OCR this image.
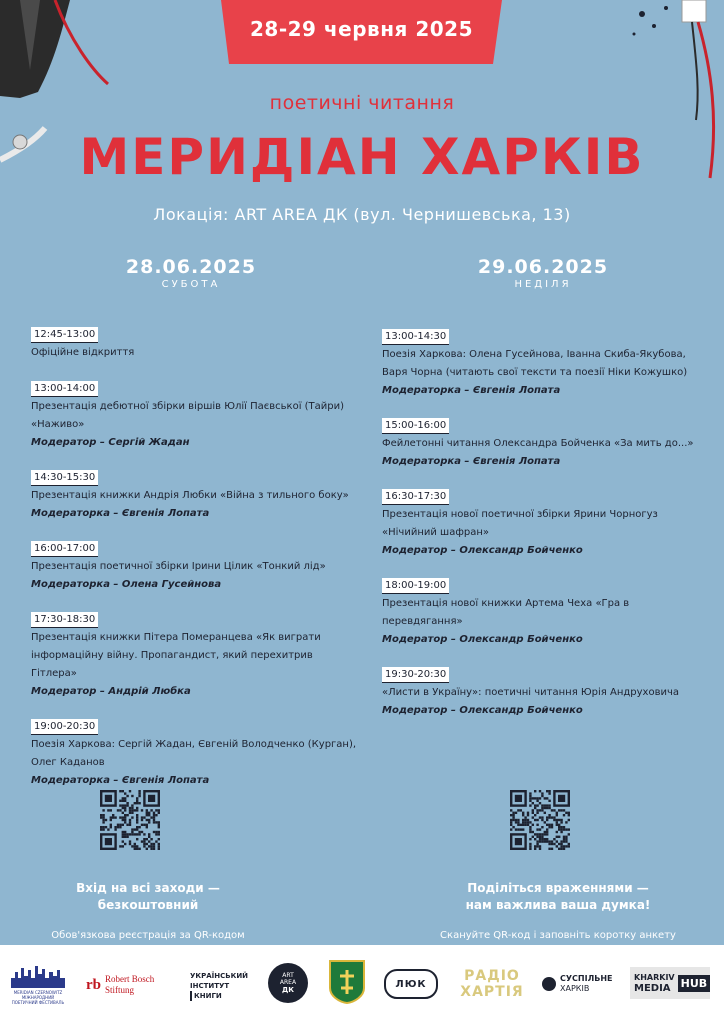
28-29 червня 2025
поетичні читання
МЕРИДІАН ХАРКІВ
Локація: ART AREA ДК (вул. Чернишевська, 13)
28.06.2025
СУБОТА
29.06.2025
НЕДІЛЯ
12:45-13:00
Офіційне відкриття
13:00-14:00
Презентація дебютної збірки віршів Юлії Паєвської (Тайри) «Наживо»
Модератор – Сергій Жадан
14:30-15:30
Презентація книжки Андрія Любки «Війна з тильного боку»
Модераторка – Євгенія Лопата
16:00-17:00
Презентація поетичної збірки Ірини Цілик «Тонкий лід»
Модераторка – Олена Гусейнова
17:30-18:30
Презентація книжки Пітера Померанцева «Як виграти інформаційну війну. Пропагандист, який перехитрив Гітлера»
Модератор – Андрій Любка
19:00-20:30
Поезія Харкова: Сергій Жадан, Євгеній Володченко (Курган), Олег Каданов
Модераторка – Євгенія Лопата
13:00-14:30
Поезія Харкова: Олена Гусейнова, Іванна Скиба-Якубова, Варя Чорна (читають свої тексти та поезії Ніки Кожушко)
Модераторка – Євгенія Лопата
15:00-16:00
Фейлетонні читання Олександра Бойченка «За мить до...»
Модераторка – Євгенія Лопата
16:30-17:30
Презентація нової поетичної збірки Ярини Чорногуз «Нічийний шафран»
Модератор – Олександр Бойченко
18:00-19:00
Презентація нової книжки Артема Чеха «Гра в перевдягання»
Модератор – Олександр Бойченко
19:30-20:30
«Листи в Україну»: поетичні читання Юрія Андруховича
Модератор – Олександр Бойченко
Вхід на всі заходи —
безкоштовний
Обов'язкова реєстрація за QR-кодом
Поділіться враженнями —
нам важлива ваша думка!
Скануйте QR-код і заповніть коротку анкету
MERIDIAN CZERNOWITZ МІЖНАРОДНИЙ ПОЕТИЧНИЙ ФЕСТИВАЛЬ
rb Robert Bosch
Stiftung
УКРАЇНСЬКИЙ
ІНСТИТУТ
КНИГИ
ART
AREA
ДК
ЛЮК	РАДІО
ХАРТІЯ
СУСПІЛЬНЕ
ХАРКІВ
KHARKIV
MEDIA HUB
